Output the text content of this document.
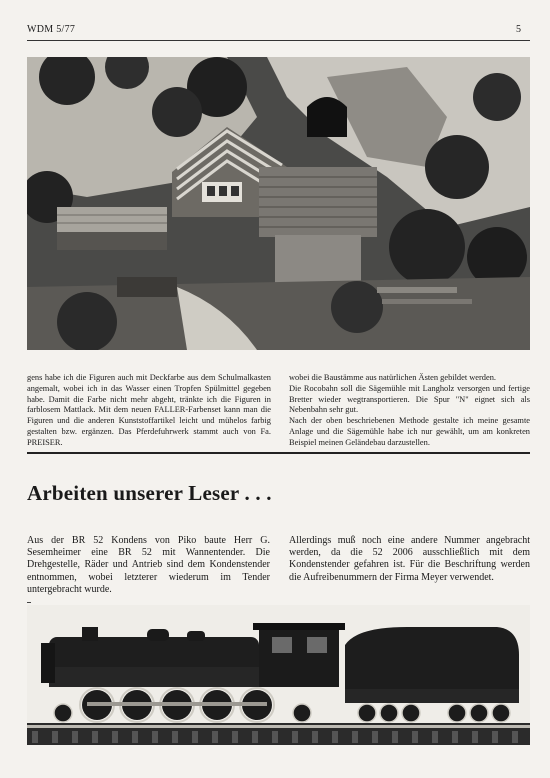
WDM 5/77	5

gens habe ich die Figuren auch mit Deckfarbe aus dem Schulmalkasten angemalt, wobei ich in das Wasser einen Tropfen Spülmittel gegeben habe. Damit die Farbe nicht mehr abgeht, tränkte ich die Figuren in farblosem Mattlack. Mit dem neuen FALLER-Farbenset kann man die Figuren und die anderen Kunststoffartikel leicht und mühelos farbig gestalten bzw. ergänzen. Das Pferdefuhrwerk stammt auch von Fa. PREISER.

wobei die Baustämme aus natürlichen Ästen gebildet werden.

Die Rocobahn soll die Sägemühle mit Langholz versorgen und fertige Bretter wieder wegtransportieren. Die Spur "N" eignet sich als Nebenbahn sehr gut.

Nach der oben beschriebenen Methode gestalte ich meine gesamte Anlage und die Sägemühle habe ich nur gewählt, um am konkreten Beispiel meinen Geländebau darzustellen.

Arbeiten unserer Leser . . .

Aus der BR 52 Kondens von Piko baute Herr G. Sesemheimer eine BR 52 mit Wannentender. Die Drehgestelle, Räder und Antrieb sind dem Kondenstender entnommen, wobei letzterer wiederum im Tender untergebracht wurde.

Allerdings muß noch eine andere Nummer angebracht werden, da die 52 2006 ausschließlich mit dem Kondenstender gefahren ist. Für die Beschriftung werden die Aufreibenummern der Firma Meyer verwendet.
